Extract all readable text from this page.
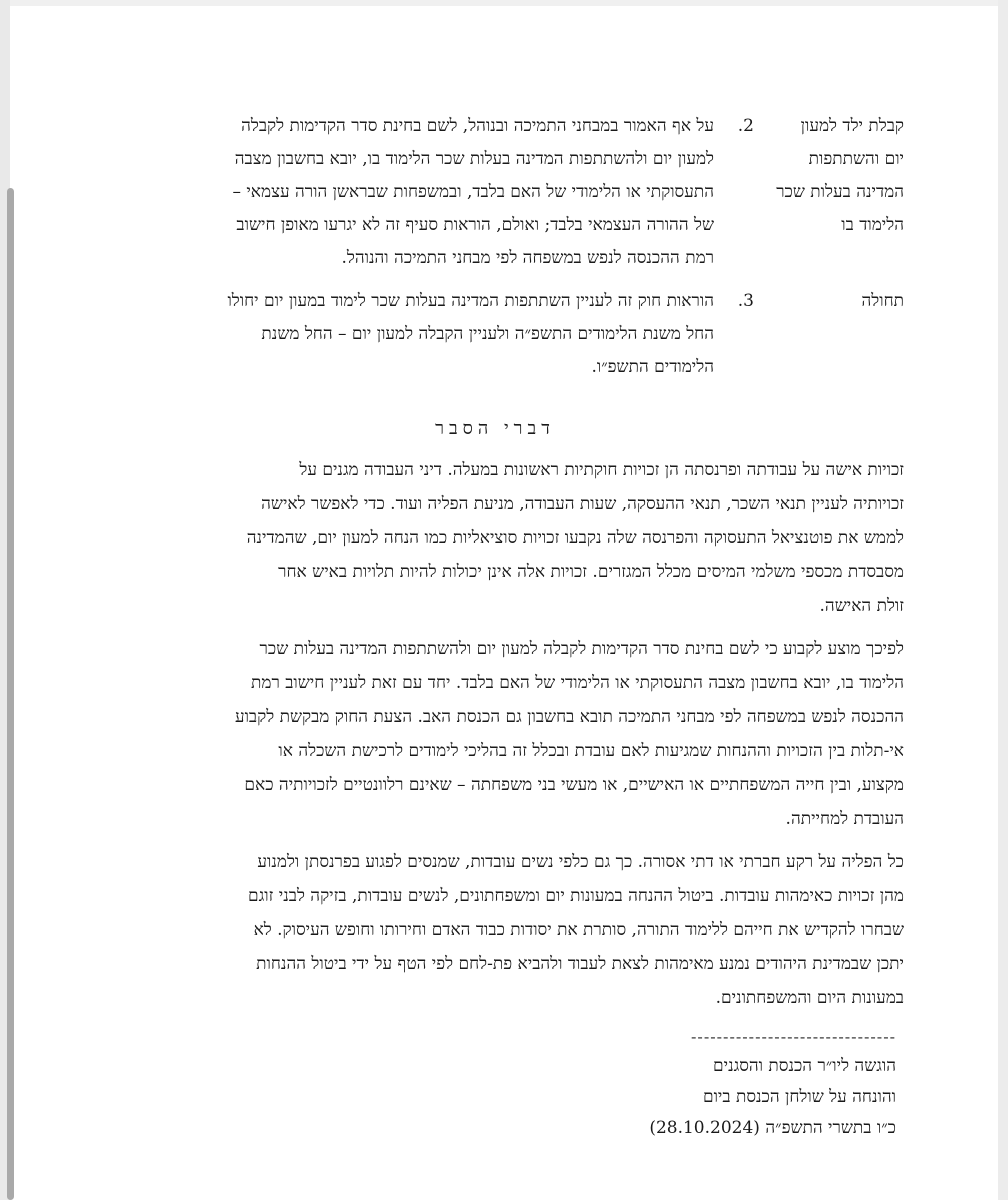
קבלת ילד למעון
יום והשתתפות
המדינה בעלות שכר
הלימוד בו
2.
על אף האמור במבחני התמיכה ובנוהל, לשם בחינת סדר הקדימות לקבלה
למעון יום ולהשתתפות המדינה בעלות שכר הלימוד בו, יובא בחשבון מצבה
התעסוקתי או הלימודי של האם בלבד, ובמשפחות שבראשן הורה עצמאי –
של ההורה העצמאי בלבד; ואולם, הוראות סעיף זה לא יגרעו מאופן חישוב
רמת ההכנסה לנפש במשפחה לפי מבחני התמיכה והנוהל.
תחולה
3.
הוראות חוק זה לעניין השתתפות המדינה בעלות שכר לימוד במעון יום יחולו
החל משנת הלימודים התשפ״ה ולעניין הקבלה למעון יום – החל משנת
הלימודים התשפ״ו.
דברי הסבר

זכויות אישה על עבודתה ופרנסתה הן זכויות חוקתיות ראשונות במעלה. דיני העבודה מגנים על
זכויותיה לעניין תנאי השכר, תנאי ההעסקה, שעות העבודה, מניעת הפליה ועוד. כדי לאפשר לאישה
לממש את פוטנציאל התעסוקה והפרנסה שלה נקבעו זכויות סוציאליות כמו הנחה למעון יום, שהמדינה
מסבסדת מכספי משלמי המיסים מכלל המגזרים. זכויות אלה אינן יכולות להיות תלויות באיש אחר
זולת האישה.

לפיכך מוצע לקבוע כי לשם בחינת סדר הקדימות לקבלה למעון יום ולהשתתפות המדינה בעלות שכר
הלימוד בו, יובא בחשבון מצבה התעסוקתי או הלימודי של האם בלבד. יחד עם זאת לעניין חישוב רמת
ההכנסה לנפש במשפחה לפי מבחני התמיכה תובא בחשבון גם הכנסת האב. הצעת החוק מבקשת לקבוע
אי-תלות בין הזכויות וההנחות שמגיעות לאם עובדת ובכלל זה בהליכי לימודים לרכישת השכלה או
מקצוע, ובין חייה המשפחתיים או האישיים, או מעשי בני משפחתה – שאינם רלוונטיים לזכויותיה כאם
העובדת למחייתה.

כל הפליה על רקע חברתי או דתי אסורה. כך גם כלפי נשים עובדות, שמנסים לפגוע בפרנסתן ולמנוע
מהן זכויות כאימהות עובדות. ביטול ההנחה במעונות יום ומשפחתונים, לנשים עובדות, בזיקה לבני זוגם
שבחרו להקדיש את חייהם ללימוד התורה, סותרת את יסודות כבוד האדם וחירותו וחופש העיסוק. לא
יתכן שבמדינת היהודים נמנע מאימהות לצאת לעבוד ולהביא פת-לחם לפי הטף על ידי ביטול ההנחות
במעונות היום והמשפחתונים.

--------------------------------
הוגשה ליו״ר הכנסת והסגנים
והונחה על שולחן הכנסת ביום
כ״ו בתשרי התשפ״ה (28.10.2024)
